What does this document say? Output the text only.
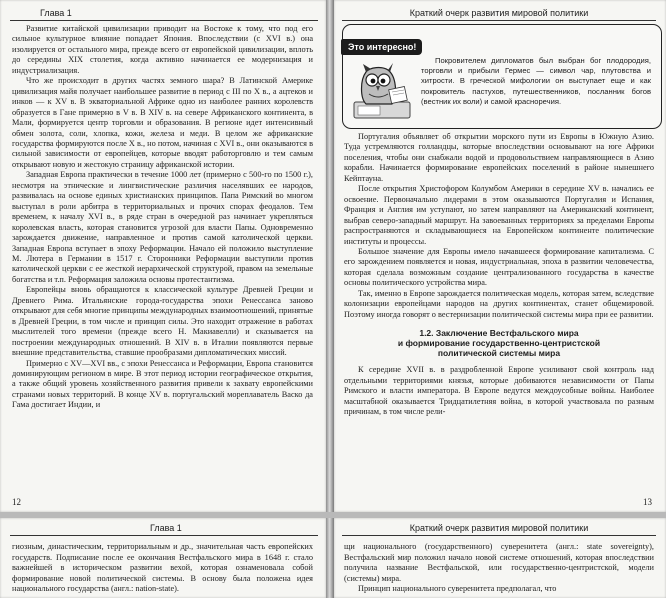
Глава 1

Развитие китайской цивилизации приводит на Востоке к тому, что под его сильное культурное влияние попадает Япония. Впоследствии (с XVI в.) она изолируется от остального мира, прежде всего от европейской цивилизации, вплоть до середины XIX столетия, когда активно начинается ее модернизация и индустриализация.

Что же происходит в других частях земного шара? В Латинской Америке цивилизация майя получает наибольшее развитие в период с III по X в., а ацтеков и инков — к XV в. В экваториальной Африке одно из наиболее ранних королевств образуется в Гане примерно в V в. В XIV в. на севере Африканского континента, в Мали, формируется центр торговли и образования. В регионе идет интенсивный обмен золота, соли, хлопка, кожи, железа и меди. В целом же африканские государства формируются после X в., но потом, начиная с XVI в., они оказываются в сильной зависимости от европейцев, которые вводят работорговлю и тем самым открывают новую и жестокую страницу африканской истории.

Западная Европа практически в течение 1000 лет (примерно с 500-го по 1500 г.), несмотря на этнические и лингвистические различия населявших ее народов, развивалась на основе единых христианских принципов. Папа Римский во многом выступал в роли арбитра в территориальных и прочих спорах феодалов. Тем временем, к началу XVI в., в ряде стран в очередной раз начинает укрепляться королевская власть, которая становится угрозой для власти Папы. Одновременно зарождается движение, направленное и против самой католической церкви. Западная Европа вступает в эпоху Реформации. Начало ей положило выступление М. Лютера в Германии в 1517 г. Сторонники Реформации выступили против католической церкви с ее жесткой иерархической структурой, правом на земельные богатства и т.п. Реформация заложила основы протестантизма.

Европейцы вновь обращаются к классической культуре Древней Греции и Древнего Рима. Итальянские города-государства эпохи Ренессанса заново открывают для себя многие принципы международных взаимоотношений, принятые в Древней Греции, в том числе и принцип силы. Это находит отражение в работах мыслителей того времени (прежде всего Н. Макиавелли) и сказывается на построении международных отношений. В XIV в. в Италии появляются первые внешние представительства, ставшие прообразами дипломатических миссий.

Примерно с XV—XVI вв., с эпохи Ренессанса и Реформации, Европа становится доминирующим регионом в мире. В этот период истории географическое открытия, а также общий уровень хозяйственного развития привели к захвату европейскими странами новых территорий. В конце XV в. португальский мореплаватель Васко да Гама достигает Индии, и

12
Краткий очерк развития мировой политики
Это интересно!
Покровителем дипломатов был выбран бог плодородия, торговли и прибыли Гермес — символ чар, плутовства и хитрости. В греческой мифологии он выступает еще и как покровитель пастухов, путешественников, посланник богов (вестник их воли) и самой красноречия.

Португалия объявляет об открытии морского пути из Европы в Южную Азию. Туда устремляются голландцы, которые впоследствии основывают на юге Африки поселения, чтобы они снабжали водой и продовольствием направляющиеся в Азию корабли. Начинается формирование европейских поселений в районе нынешнего Кейптауна.

После открытия Христофором Колумбом Америки в середине XV в. начались ее освоение. Первоначально лидерами в этом оказываются Португалия и Испания, Франция и Англия им уступают, но затем направляют на Американский континент, выбрав северо-западный маршрут. На завоеванных территориях за пределами Европы распространяются и складывающиеся на Европейском континенте политические институты и процессы.

Большое значение для Европы имело начавшееся формирование капитализма. С его зарождением появляется и новая, индустриальная, эпоха в развитии человечества, которая сделала возможным создание централизованного государства в качестве основы политического устройства мира.

Так, именно в Европе зарождается политическая модель, которая затем, вследствие колонизации европейцами народов на других континентах, станет общемировой. Поэтому иногда говорят о вестернизации политической системы мира при ее развитии.

1.2. Заключение Вестфальского мира
и формирование государственно-центристской
политической системы мира

К середине XVII в. в раздробленной Европе усиливают свой контроль над отдельными территориями князья, которые добиваются независимости от Папы Римского и власти императора. В Европе ведутся междоусобные войны. Наиболее масштабной оказывается Тридцатилетняя война, в которой участвовала по разным причинам, в том числе рели-

13
Глава 1

гиозным, династическим, территориальным и др., значительная часть европейских государств. Подписание после ее окончания Вестфальского мира в 1648 г. стало важнейшей в историческом развитии вехой, которая ознаменовала собой формирование новой политической системы. В основу была положена идея национального государства (англ.: nation-state).

Краткий очерк развития мировой политики

щи национального (государственного) суверенитета (англ.: state sovereignty), Вестфальский мир положил начало новой системе отношений, которая впоследствии получила название Вестфальской, или государственно-центристской, модели (системы) мира.

Принцип национального суверенитета предполагал, что
